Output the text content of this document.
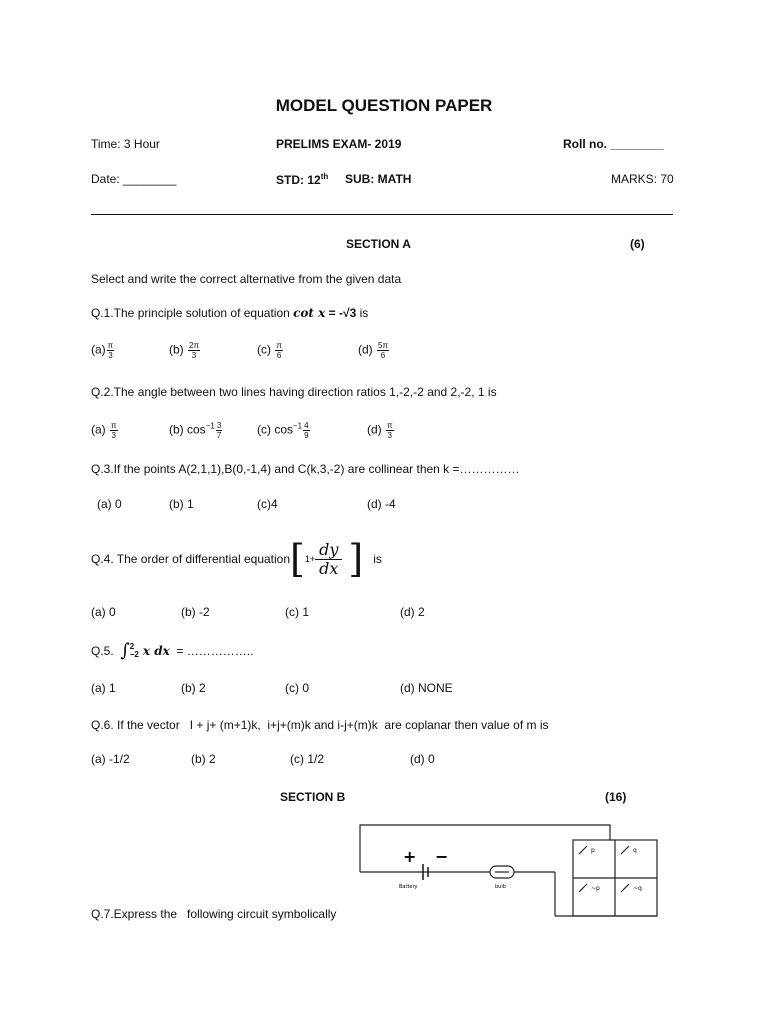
MODEL QUESTION PAPER
Time: 3 Hour	PRELIMS EXAM- 2019	Roll no. ________
Date: ________	STD: 12th SUB: MATH	MARKS: 70
SECTION A	(6)
Select and write the correct alternative from the given data
Q.1.The principle solution of equation cot x = -√3 is
$(a) \frac{\pi}{3}$	$(b) \frac{2\pi}{3}$	$(c) \frac{\pi}{6}$	$(d) \frac{5\pi}{6}$
Q.2.The angle between two lines having direction ratios 1,-2,-2 and 2,-2, 1 is
$(a) \frac{\pi}{3}$	(b) $\cos^{-1} \frac{3}{7}$	(c) $\cos^{-1} \frac{4}{9}$	$(d) \frac{\pi}{3}$
Q.3.If the points A(2,1,1),B(0,-1,4) and C(k,3,-2) are collinear then k =……………
(a) 0	(b) 1	(c)4	(d) -4
Q.4. The order of differential equation [ $1+ \frac{dy}{dx}$ ] is
(a) 0	(b) -2	(c) 1	(d) 2
Q.5. ∫ 2
−2 x dx = ……………..
(a) 1	(b) 2	(c) 0	(d) NONE
Q.6. If the vector   I + j+ (m+1)k,  i+j+(m)k and i-j+(m)k  are coplanar then value of m is
(a) -1/2	(b) 2	(c) 1/2	(d) 0
SECTION B	(16)
+ −
Battery	bulb
p	q
~p	~q
Q.7.Express the   following circuit symbolically
